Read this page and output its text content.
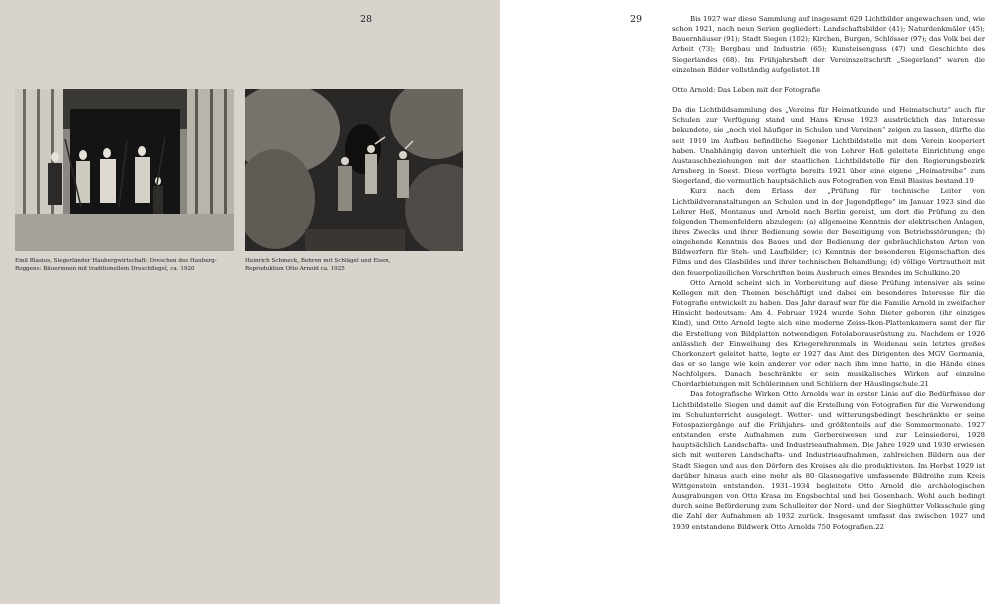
28
Emil Blasius, Siegerländer Haubergwirtschaft: Dreschen des Hauberg-
Roggens: Bäuerinnen mit traditionellem Dreschflegel, ca. 1920
Heinrich Schmeck, Bohren mit Schlägel und Eisen,
Reproduktion Otto Arnold ca. 1925
29	Bis 1927 war diese Sammlung auf insgesamt 629 Lichtbilder angewachsen und, wie schon 1921, nach neun Serien gegliedert: Landschaftsbilder (41); Naturdenkmäler (45); Bauernhäuser (91); Stadt Siegen (102); Kirchen, Burgen, Schlösser (97); das Volk bei der Arbeit (73); Bergbau und Industrie (65); Kunsteisenguss (47) und Geschichte des Siegerlandes (68). Im Frühjahrsheft der Vereinszeitschrift „Siegerland“ waren die einzelnen Bilder vollständig aufgelistet.18

Otto Arnold: Das Leben mit der Fotografie

Da die Lichtbildsammlung des „Vereins für Heimatkunde und Heimatschutz“ auch für Schulen zur Verfügung stand und Hans Kruse 1923 ausdrücklich das Interesse bekundete, sie „noch viel häufiger in Schulen und Vereinen“ zeigen zu lassen, dürfte die seit 1919 im Aufbau befindliche Siegener Lichtbildstelle mit dem Verein kooperiert haben. Unabhängig davon unterhielt die von Lehrer Heß geleitete Einrichtung enge Austauschbeziehungen mit der staatlichen Lichtbildstelle für den Regierungsbezirk Arnsberg in Soest. Diese verfügte bereits 1921 über eine eigene „Heimatreihe“ zum Siegerland, die vermutlich hauptsächlich aus Fotografien von Emil Blasius bestand.19

Kurz nach dem Erlass der „Prüfung für technische Leiter von Lichtbildveranstaltungen an Schulen und in der Jugendpflege“ im Januar 1923 sind die Lehrer Heß, Montanus und Arnold nach Berlin gereist, um dort die Prüfung zu den folgenden Themenfeldern abzulegen: (a) allgemeine Kenntnis der elektrischen Anlagen, ihres Zwecks und ihrer Bedienung sowie der Beseitigung von Betriebsstörungen; (b) eingehende Kenntnis des Baues und der Bedienung der gebräuchlichsten Arten von Bildwerfern für Steh- und Laufbilder; (c) Kenntnis der besonderen Eigenschaften des Films und des Glasbildes und ihrer technischen Behandlung; (d) völlige Vertrautheit mit den feuerpolizeilichen Vorschriften beim Ausbruch eines Brandes im Schulkino.20

Otto Arnold scheint sich in Vorbereitung auf diese Prüfung intensiver als seine Kollegen mit den Themen beschäftigt und dabei ein besonderes Interesse für die Fotografie entwickelt zu haben. Das Jahr darauf war für die Familie Arnold in zweifacher Hinsicht bedeutsam: Am 4. Februar 1924 wurde Sohn Dieter geboren (ihr einziges Kind), und Otto Arnold legte sich eine moderne Zeiss-Ikon-Plattenkamera samt der für die Erstellung von Bildplatten notwendigen Fotolaborausrüstung zu. Nachdem er 1926 anlässlich der Einweihung des Kriegerehrenmals in Weidenau sein letztes großes Chorkonzert geleitet hatte, legte er 1927 das Amt des Dirigenten des MGV Germania, das er so lange wie kein anderer vor oder nach ihm inne hatte, in die Hände eines Nachfolgers. Danach beschränkte er sein musikalisches Wirken auf einzelne Chordarbietungen mit Schülerinnen und Schülern der Häuslingschule.21

Das fotografische Wirken Otto Arnolds war in erster Linie auf die Bedürfnisse der Lichtbildstelle Siegen und damit auf die Erstellung von Fotografien für die Verwendung im Schulunterricht ausgelegt. Wetter- und witterungsbedingt beschränkte er seine Fotospaziergänge auf die Frühjahrs- und größtenteils auf die Sommermonate. 1927 entstanden erste Aufnahmen zum Gerbereiwesen und zur Leinsiederei, 1928 hauptsächlich Landschafts- und Industrieaufnahmen. Die Jahre 1929 und 1930 erwiesen sich mit weiteren Landschafts- und Industrieaufnahmen, zahlreichen Bildern aus der Stadt Siegen und aus den Dörfern des Kreises als die produktivsten. Im Herbst 1929 ist darüber hinaus auch eine mehr als 80 Glasnegative umfassende Bildreihe zum Kreis Wittgenstein entstanden. 1931–1934 begleitete Otto Arnold die archäologischen Ausgrabungen von Otto Krasa im Engsbachtal und bei Gosenbach. Wohl auch bedingt durch seine Beförderung zum Schulleiter der Nord- und der Sieghütter Volksschule ging die Zahl der Aufnahmen ab 1932 zurück. Insgesamt umfasst das zwischen 1927 und 1939 entstandene Bildwerk Otto Arnolds 750 Fotografien.22
